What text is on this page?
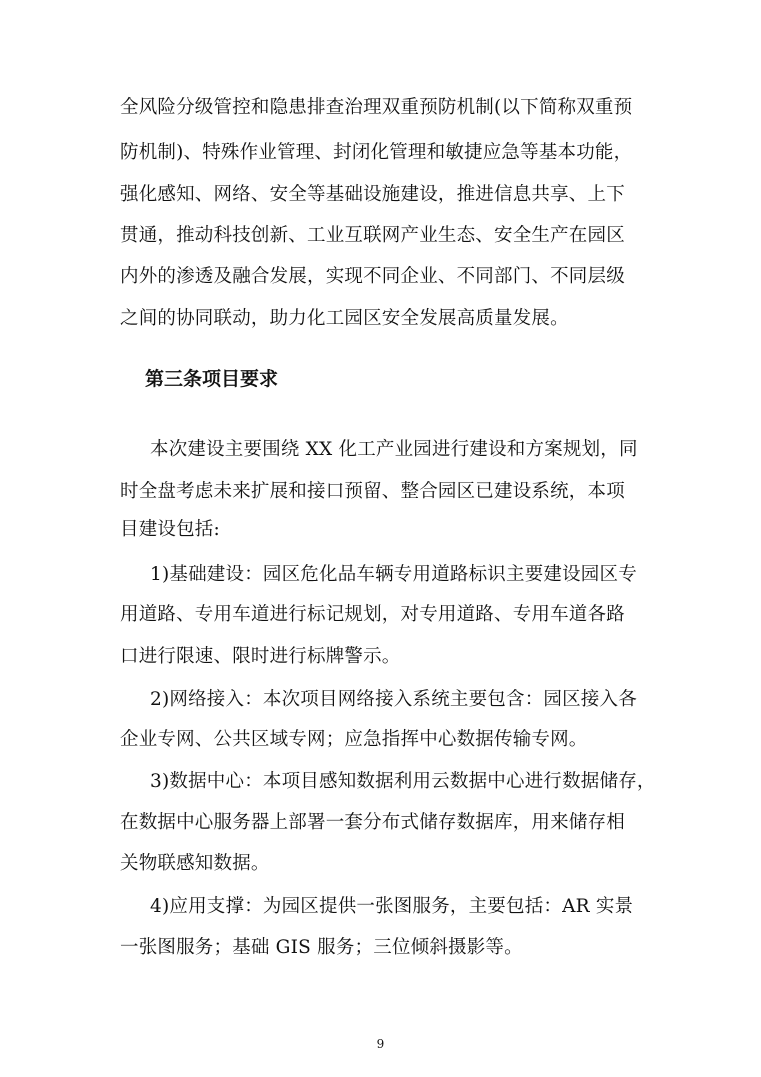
全风险分级管控和隐患排查治理双重预防机制(以下简称双重预
防机制)、特殊作业管理、封闭化管理和敏捷应急等基本功能，
强化感知、网络、安全等基础设施建设，推进信息共享、上下
贯通，推动科技创新、工业互联网产业生态、安全生产在园区
内外的渗透及融合发展，实现不同企业、不同部门、不同层级
之间的协同联动，助力化工园区安全发展高质量发展。
第三条项目要求
本次建设主要围绕 XX 化工产业园进行建设和方案规划，同
时全盘考虑未来扩展和接口预留、整合园区已建设系统，本项
目建设包括:
1)基础建设：园区危化品车辆专用道路标识主要建设园区专
用道路、专用车道进行标记规划，对专用道路、专用车道各路
口进行限速、限时进行标牌警示。
2)网络接入：本次项目网络接入系统主要包含：园区接入各
企业专网、公共区域专网；应急指挥中心数据传输专网。
3)数据中心：本项目感知数据利用云数据中心进行数据储存，
在数据中心服务器上部署一套分布式储存数据库，用来储存相
关物联感知数据。
4)应用支撑：为园区提供一张图服务，主要包括：AR 实景
一张图服务；基础 GIS 服务；三位倾斜摄影等。
9
